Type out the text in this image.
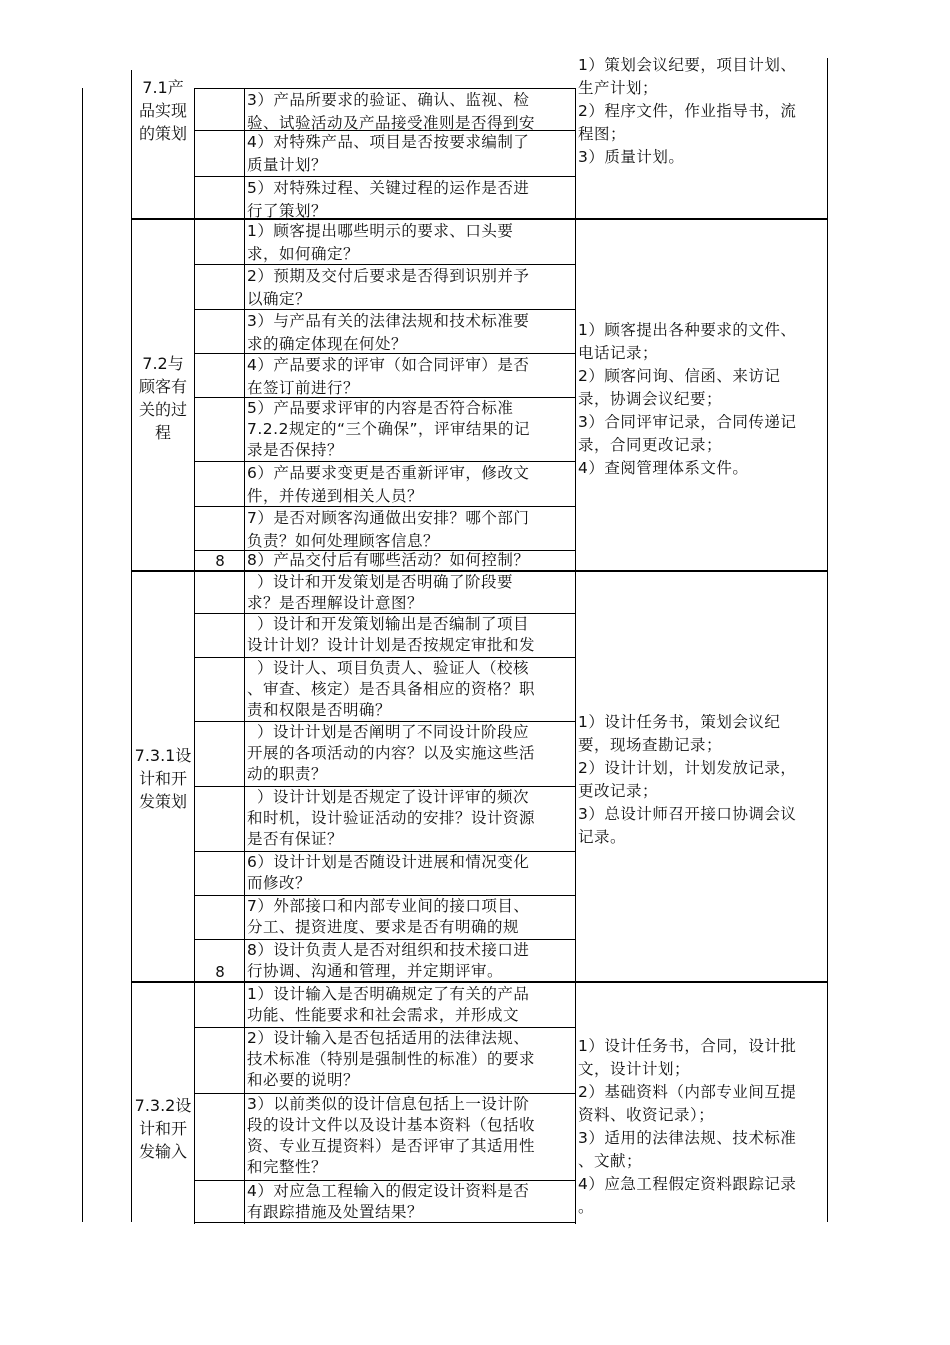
7.1产
品实现
的策划
3）产品所要求的验证、确认、监视、检
验、试验活动及产品接受准则是否得到安
4）对特殊产品、项目是否按要求编制了
质量计划？
5）对特殊过程、关键过程的运作是否进
行了策划？
1）策划会议纪要，项目计划、
生产计划；
2）程序文件，作业指导书，流
程图；
3）质量计划。
7.2与
顾客有
关的过
程
1）顾客提出哪些明示的要求、口头要
求，如何确定？
2）预期及交付后要求是否得到识别并予
以确定？
3）与产品有关的法律法规和技术标准要
求的确定体现在何处？
4）产品要求的评审（如合同评审）是否
在签订前进行？
5）产品要求评审的内容是否符合标准
7.2.2规定的“三个确保”，评审结果的记
录是否保持？
6）产品要求变更是否重新评审，修改文
件，并传递到相关人员？
7）是否对顾客沟通做出安排？哪个部门
负责？如何处理顾客信息？
8）产品交付后有哪些活动？如何控制？
8
1）顾客提出各种要求的文件、
电话记录；
2）顾客问询、信函、来访记
录，协调会议纪要；
3）合同评审记录，合同传递记
录，合同更改记录；
4）查阅管理体系文件。
7.3.1设
计和开
发策划
）设计和开发策划是否明确了阶段要
求？是否理解设计意图？
）设计和开发策划输出是否编制了项目
设计计划？设计计划是否按规定审批和发
）设计人、项目负责人、验证人（校核
、审查、核定）是否具备相应的资格？职
责和权限是否明确？
）设计计划是否阐明了不同设计阶段应
开展的各项活动的内容？以及实施这些活
动的职责？
）设计计划是否规定了设计评审的频次
和时机，设计验证活动的安排？设计资源
是否有保证？
6）设计计划是否随设计进展和情况变化
而修改？
7）外部接口和内部专业间的接口项目、
分工、提资进度、要求是否有明确的规
8）设计负责人是否对组织和技术接口进
行协调、沟通和管理，并定期评审。
8
1）设计任务书，策划会议纪
要，现场查勘记录；
2）设计计划，计划发放记录，
更改记录；
3）总设计师召开接口协调会议
记录。
7.3.2设
计和开
发输入
1）设计输入是否明确规定了有关的产品
功能、性能要求和社会需求，并形成文
2）设计输入是否包括适用的法律法规、
技术标准（特别是强制性的标准）的要求
和必要的说明？
3）以前类似的设计信息包括上一设计阶
段的设计文件以及设计基本资料（包括收
资、专业互提资料）是否评审了其适用性
和完整性？
4）对应急工程输入的假定设计资料是否
有跟踪措施及处置结果？
1）设计任务书，合同，设计批
文，设计计划；
2）基础资料（内部专业间互提
资料、收资记录）；
3）适用的法律法规、技术标准
、文献；
4）应急工程假定资料跟踪记录
。
